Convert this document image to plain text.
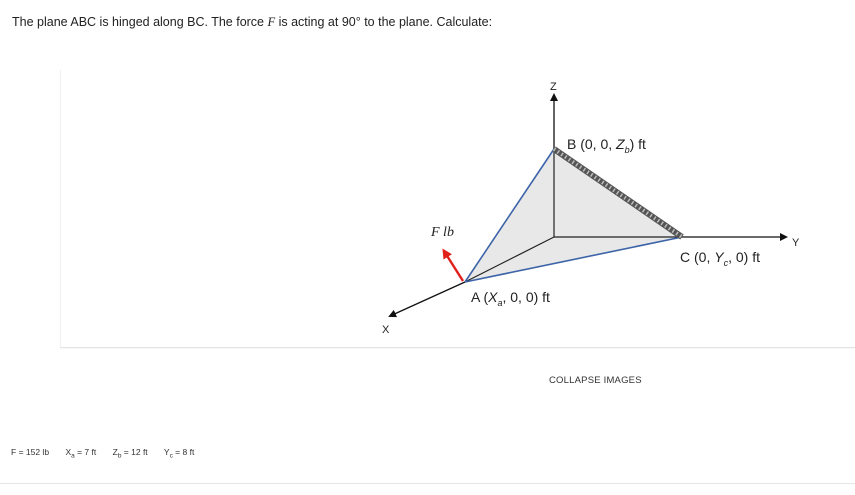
The plane ABC is hinged along BC. The force F is acting at 90° to the plane. Calculate:
Z
Y
X
F lb
B (0, 0, $Z_b$) ft
C (0, $Y_c$, 0) ft
A ($X_a$, 0, 0) ft
COLLAPSE IMAGES
F = 152 lb $X_a = 7$ ft $Z_b = 12$ ft $Y_c = 8$ ft
